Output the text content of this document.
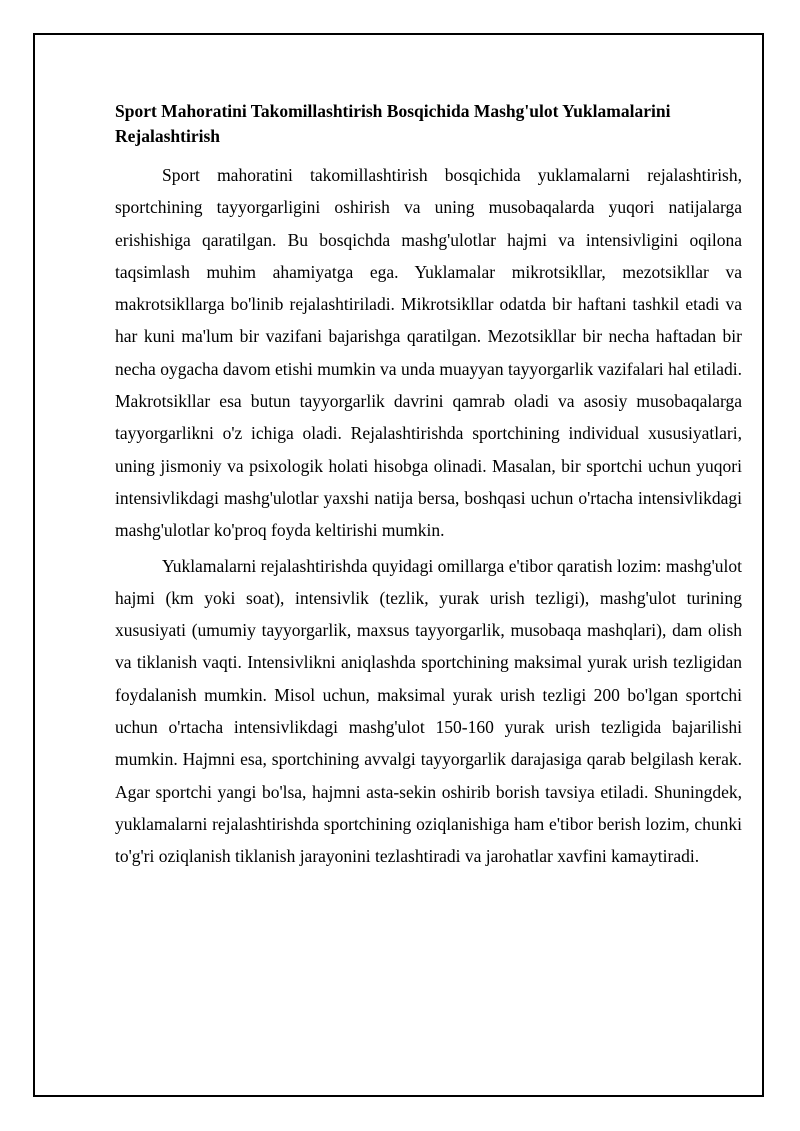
Sport Mahoratini Takomillashtirish Bosqichida Mashg'ulot Yuklamalarini Rejalashtirish

Sport mahoratini takomillashtirish bosqichida yuklamalarni rejalashtirish, sportchining tayyorgarligini oshirish va uning musobaqalarda yuqori natijalarga erishishiga qaratilgan. Bu bosqichda mashg'ulotlar hajmi va intensivligini oqilona taqsimlash muhim ahamiyatga ega. Yuklamalar mikrotsikllar, mezotsikllar va makrotsikllarga bo'linib rejalashtiriladi. Mikrotsikllar odatda bir haftani tashkil etadi va har kuni ma'lum bir vazifani bajarishga qaratilgan. Mezotsikllar bir necha haftadan bir necha oygacha davom etishi mumkin va unda muayyan tayyorgarlik vazifalari hal etiladi. Makrotsikllar esa butun tayyorgarlik davrini qamrab oladi va asosiy musobaqalarga tayyorgarlikni o'z ichiga oladi. Rejalashtirishda sportchining individual xususiyatlari, uning jismoniy va psixologik holati hisobga olinadi. Masalan, bir sportchi uchun yuqori intensivlikdagi mashg'ulotlar yaxshi natija bersa, boshqasi uchun o'rtacha intensivlikdagi mashg'ulotlar ko'proq foyda keltirishi mumkin.

Yuklamalarni rejalashtirishda quyidagi omillarga e'tibor qaratish lozim: mashg'ulot hajmi (km yoki soat), intensivlik (tezlik, yurak urish tezligi), mashg'ulot turining xususiyati (umumiy tayyorgarlik, maxsus tayyorgarlik, musobaqa mashqlari), dam olish va tiklanish vaqti. Intensivlikni aniqlashda sportchining maksimal yurak urish tezligidan foydalanish mumkin. Misol uchun, maksimal yurak urish tezligi 200 bo'lgan sportchi uchun o'rtacha intensivlikdagi mashg'ulot 150-160 yurak urish tezligida bajarilishi mumkin. Hajmni esa, sportchining avvalgi tayyorgarlik darajasiga qarab belgilash kerak. Agar sportchi yangi bo'lsa, hajmni asta-sekin oshirib borish tavsiya etiladi. Shuningdek, yuklamalarni rejalashtirishda sportchining oziqlanishiga ham e'tibor berish lozim, chunki to'g'ri oziqlanish tiklanish jarayonini tezlashtiradi va jarohatlar xavfini kamaytiradi.
